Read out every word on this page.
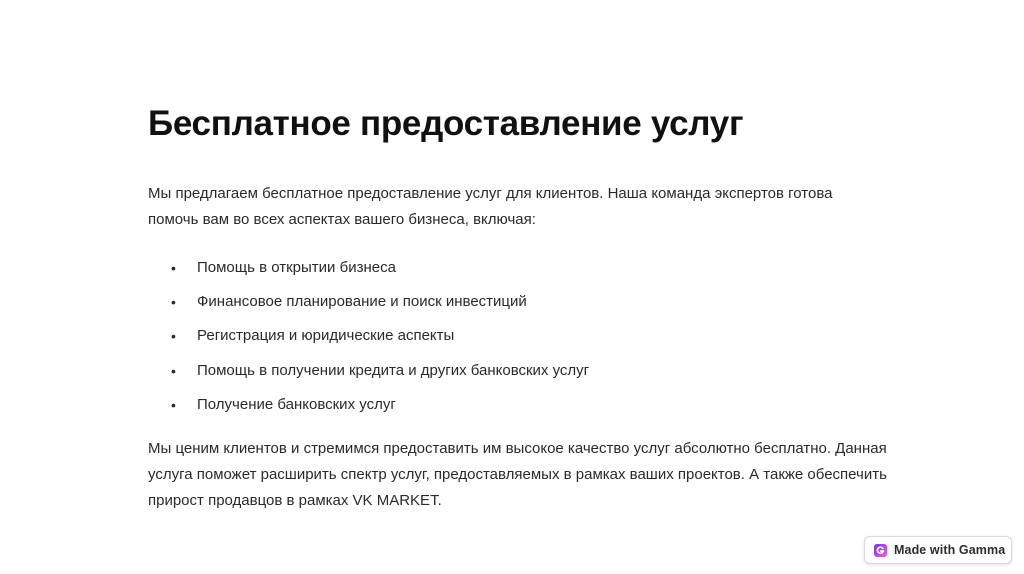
Бесплатное предоставление услуг

Мы предлагаем бесплатное предоставление услуг для клиентов. Наша команда экспертов готова помочь вам во всех аспектах вашего бизнеса, включая:

• Помощь в открытии бизнеса
• Финансовое планирование и поиск инвестиций
• Регистрация и юридические аспекты
• Помощь в получении кредита и других банковских услуг
• Получение банковских услуг

Мы ценим клиентов и стремимся предоставить им высокое качество услуг абсолютно бесплатно. Данная услуга поможет расширить спектр услуг, предоставляемых в рамках ваших проектов. А также обеспечить прирост продавцов в рамках VK MARKET.

Made with Gamma
